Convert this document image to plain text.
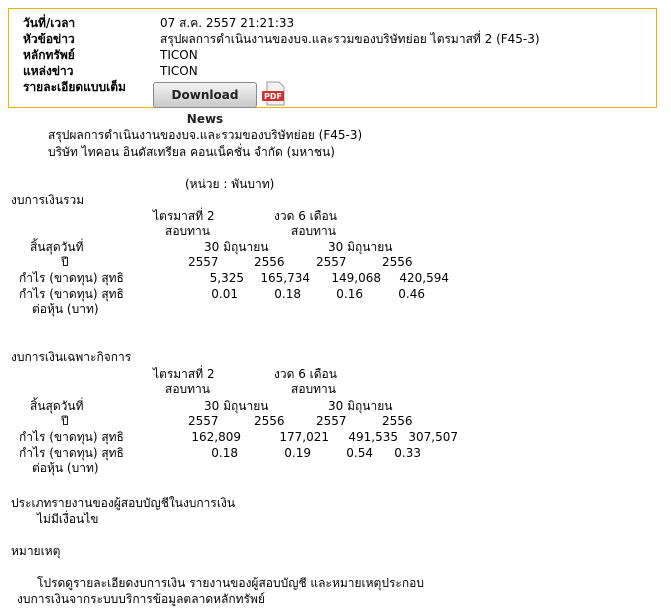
วันที่/เวลา	07 ส.ค. 2557 21:21:33
หัวข้อข่าว	สรุปผลการดำเนินงานของบจ.และรวมของบริษัทย่อย ไตรมาสที่ 2 (F45-3)
หลักทรัพย์	TICON
แหล่งข่าว	TICON
รายละเอียดแบบเต็ม
Download News
PDF
สรุปผลการดำเนินงานของบจ.และรวมของบริษัทย่อย (F45-3)
บริษัท ไทคอน อินดัสเทรียล คอนเน็คชั่น จำกัด (มหาชน)
(หน่วย : พันบาท)
งบการเงินรวม
ไตรมาสที่ 2	งวด 6 เดือน
สอบทาน	สอบทาน
สิ้นสุดวันที่	30 มิถุนายน	30 มิถุนายน
ปี	2557	2556	2557	2556
กำไร (ขาดทุน) สุทธิ	5,325 165,734 149,068 420,594
กำไร (ขาดทุน) สุทธิ	0.01	0.18	0.16	0.46
ต่อหุ้น (บาท)
งบการเงินเฉพาะกิจการ
ไตรมาสที่ 2	งวด 6 เดือน
สอบทาน	สอบทาน
สิ้นสุดวันที่	30 มิถุนายน	30 มิถุนายน
ปี	2557	2556	2557	2556
กำไร (ขาดทุน) สุทธิ	162,809	177,021 491,535 307,507
กำไร (ขาดทุน) สุทธิ	0.18	0.19	0.54 0.33
ต่อหุ้น (บาท)
ประเภทรายงานของผู้สอบบัญชีในงบการเงิน
ไม่มีเงื่อนไข
หมายเหตุ
โปรดดูรายละเอียดงบการเงิน รายงานของผู้สอบบัญชี และหมายเหตุประกอบ
งบการเงินจากระบบบริการข้อมูลตลาดหลักทรัพย์
